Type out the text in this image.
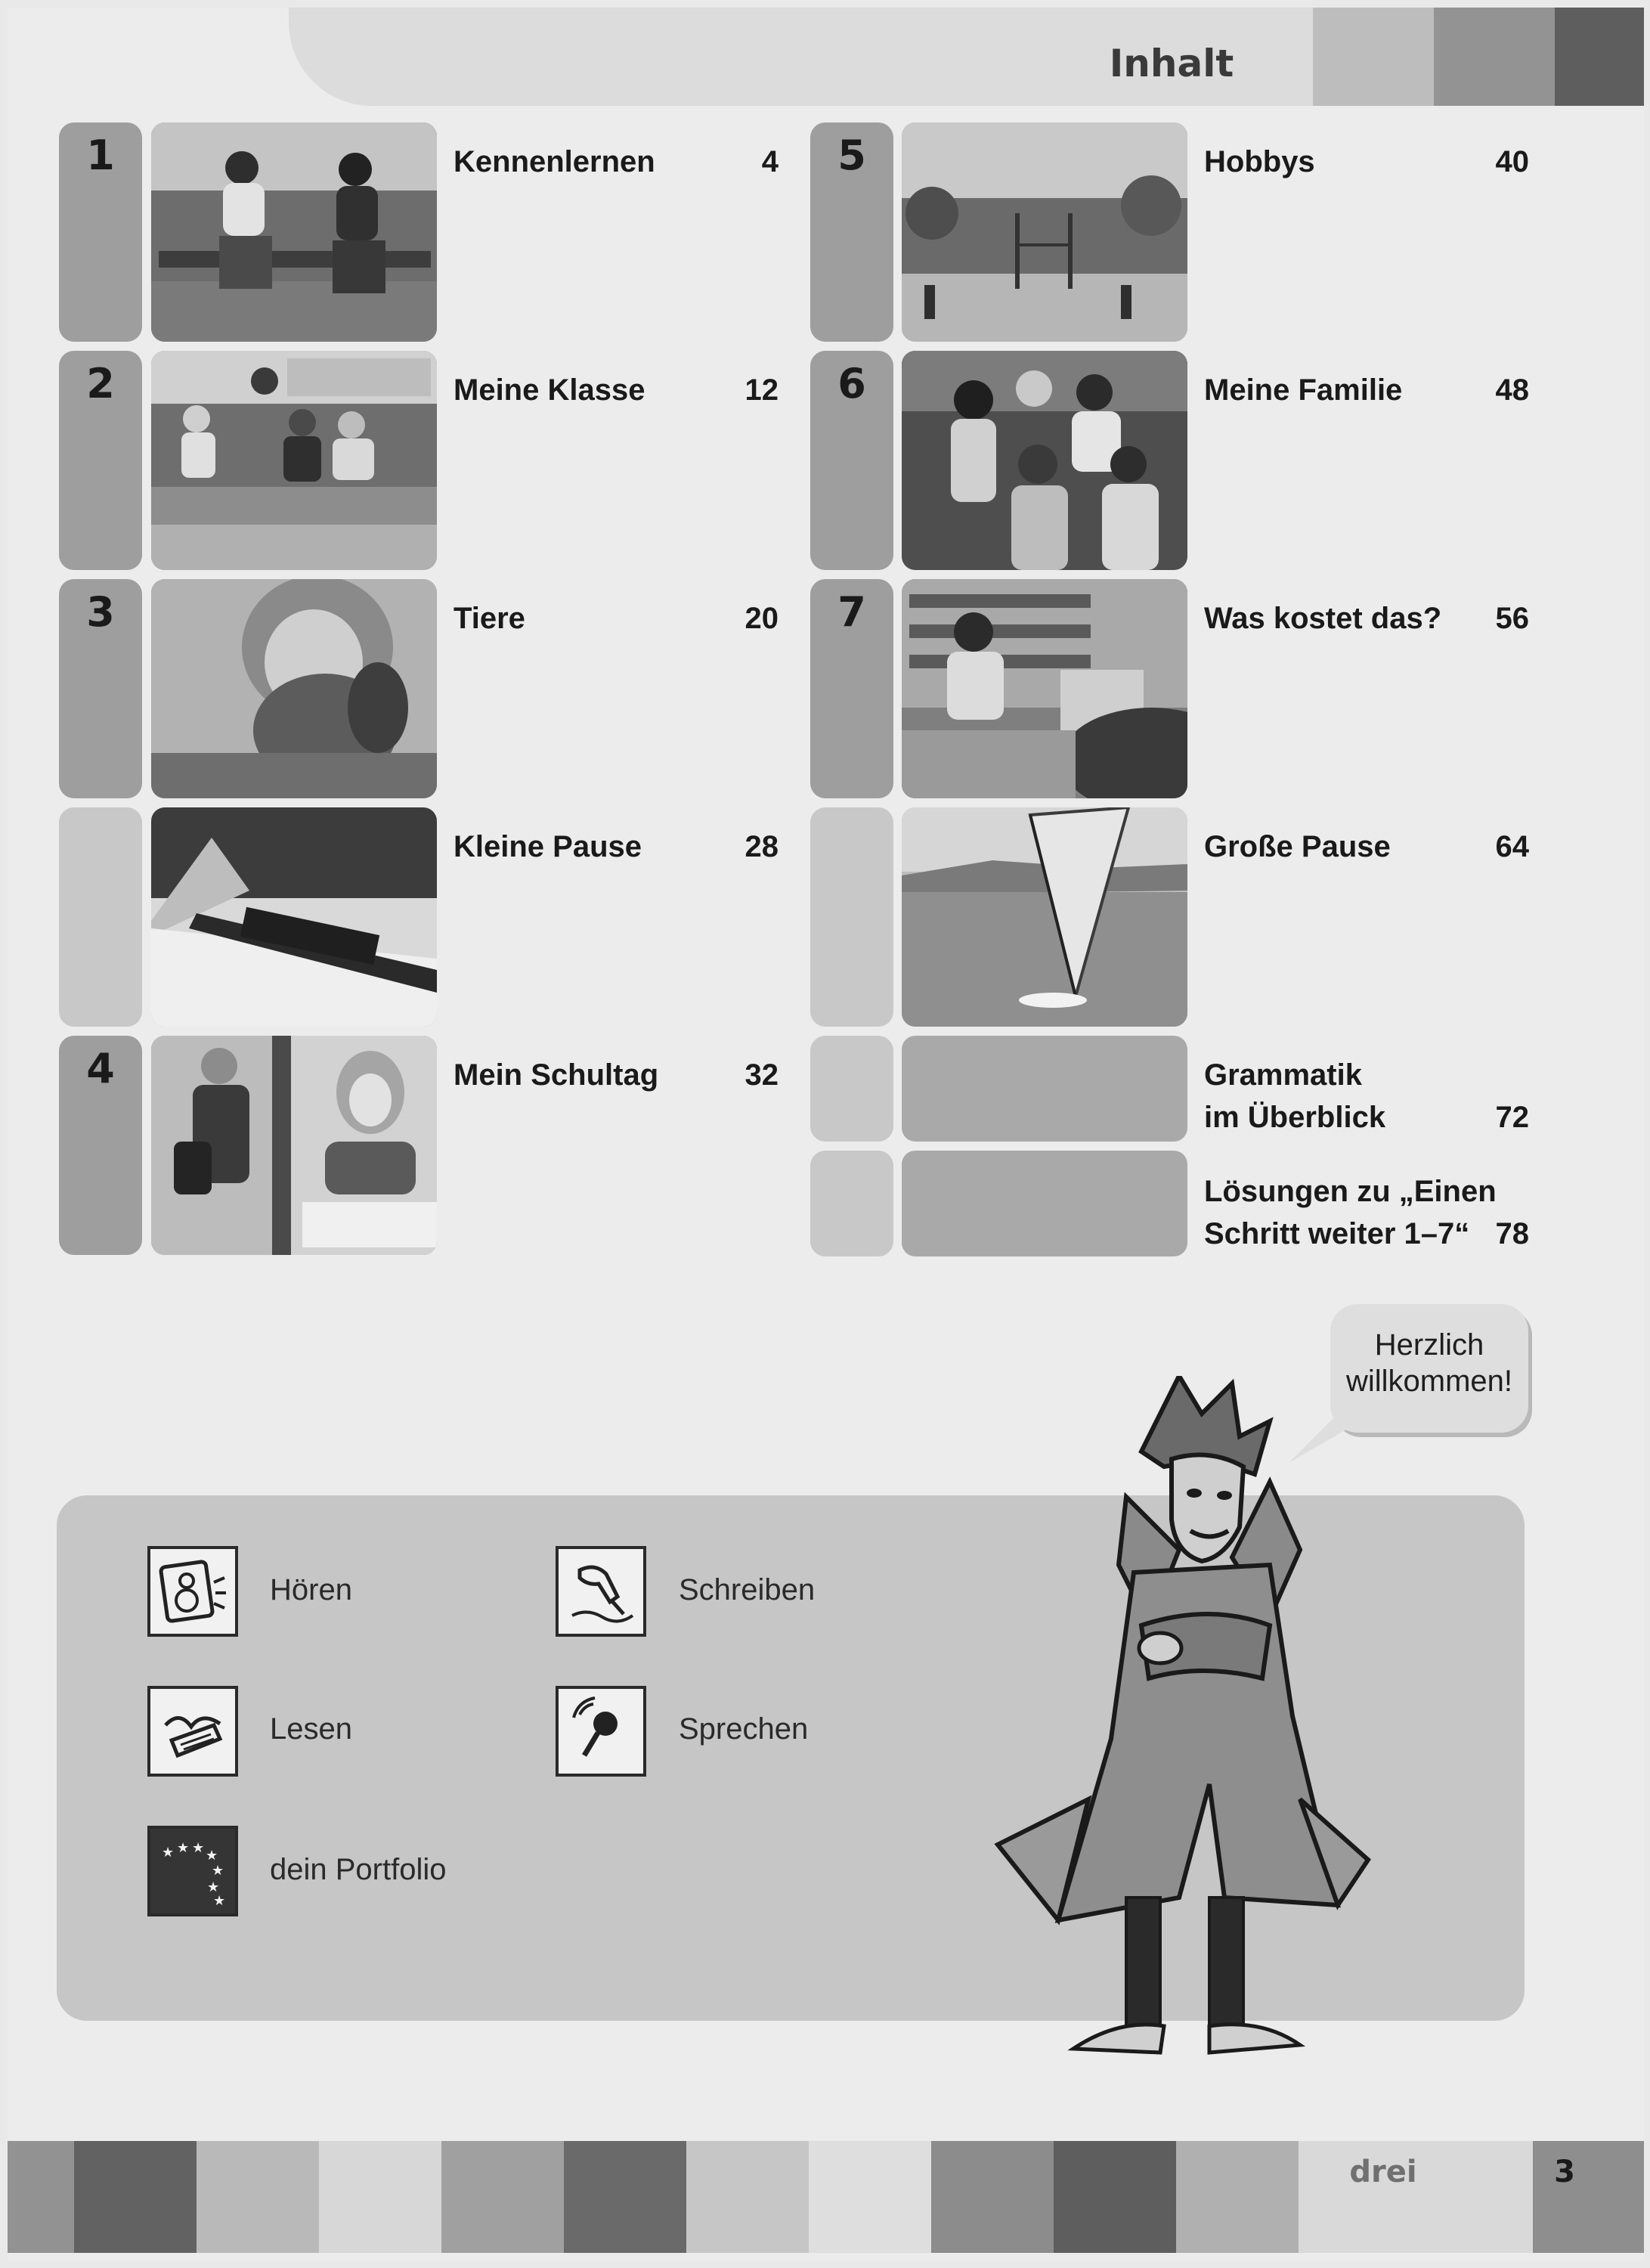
Inhalt
1	Kennenlernen	4
2	Meine Klasse	12
3	Tiere	20
Kleine Pause	28
4	Mein Schultag	32
5	Hobbys	40
6	Meine Familie	48
7	Was kostet das?	56
Große Pause	64
Grammatik
im Überblick	72
Lösungen zu „Einen
Schritt weiter 1–7“ 78
Hören	Schreiben
Lesen	Sprechen
★ ★ ★ ★
★
★
★
dein Portfolio
Herzlich
willkommen!
drei	3
